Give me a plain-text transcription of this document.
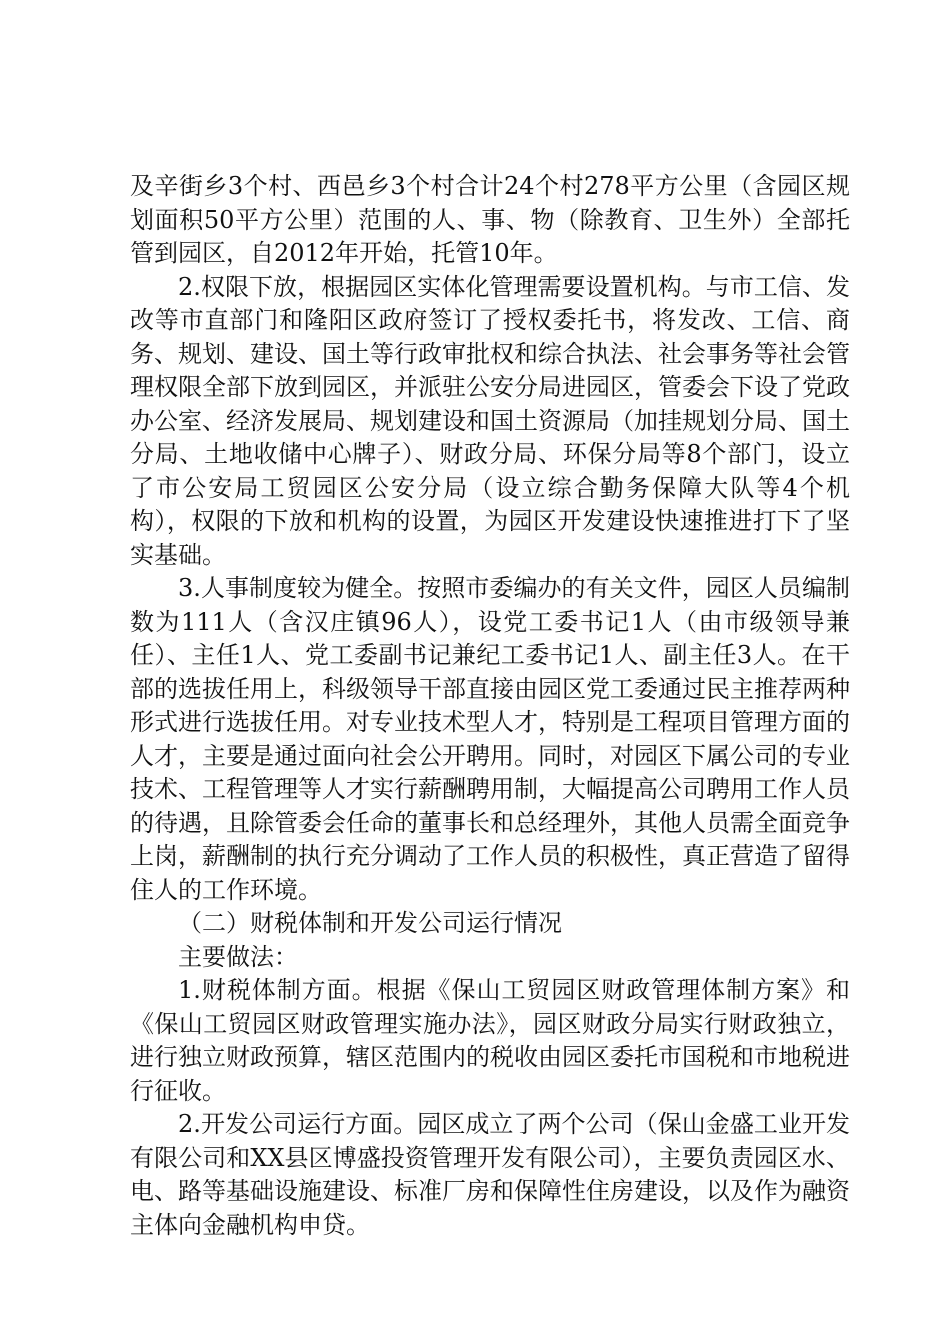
及辛街乡3个村、西邑乡3个村合计24个村278平方公里（含园区规划面积50平方公里）范围的人、事、物（除教育、卫生外）全部托管到园区，自2012年开始，托管10年。

2.权限下放，根据园区实体化管理需要设置机构。与市工信、发改等市直部门和隆阳区政府签订了授权委托书，将发改、工信、商务、规划、建设、国土等行政审批权和综合执法、社会事务等社会管理权限全部下放到园区，并派驻公安分局进园区，管委会下设了党政办公室、经济发展局、规划建设和国土资源局（加挂规划分局、国土分局、土地收储中心牌子）、财政分局、环保分局等8个部门，设立了市公安局工贸园区公安分局（设立综合勤务保障大队等4个机构），权限的下放和机构的设置，为园区开发建设快速推进打下了坚实基础。

3.人事制度较为健全。按照市委编办的有关文件，园区人员编制数为111人（含汉庄镇96人），设党工委书记1人（由市级领导兼任）、主任1人、党工委副书记兼纪工委书记1人、副主任3人。在干部的选拔任用上，科级领导干部直接由园区党工委通过民主推荐两种形式进行选拔任用。对专业技术型人才，特别是工程项目管理方面的人才，主要是通过面向社会公开聘用。同时，对园区下属公司的专业技术、工程管理等人才实行薪酬聘用制，大幅提高公司聘用工作人员的待遇，且除管委会任命的董事长和总经理外，其他人员需全面竞争上岗，薪酬制的执行充分调动了工作人员的积极性，真正营造了留得住人的工作环境。

（二）财税体制和开发公司运行情况

主要做法：

1.财税体制方面。根据《保山工贸园区财政管理体制方案》和《保山工贸园区财政管理实施办法》，园区财政分局实行财政独立，进行独立财政预算，辖区范围内的税收由园区委托市国税和市地税进行征收。

2.开发公司运行方面。园区成立了两个公司（保山金盛工业开发有限公司和XX县区博盛投资管理开发有限公司），主要负责园区水、电、路等基础设施建设、标准厂房和保障性住房建设，以及作为融资主体向金融机构申贷。
